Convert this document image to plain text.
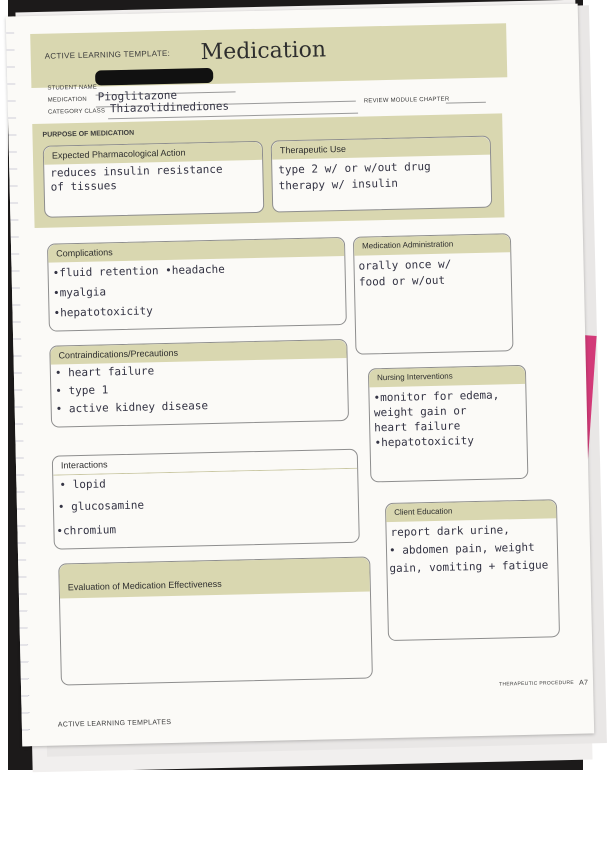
ACTIVE LEARNING TEMPLATE: Medication
STUDENT NAME
MEDICATION Pioglitazone
CATEGORY CLASS Thiazolidinediones	REVIEW MODULE CHAPTER
PURPOSE OF MEDICATION
Expected Pharmacological Action
reduces insulin resistance
of tissues
Therapeutic Use
type 2 w/ or w/out drug
therapy w/ insulin
Complications
•fluid retention •headache
•myalgia
•hepatotoxicity
Medication Administration
orally once w/
food or w/out
Contraindications/Precautions
• heart failure
• type 1
• active kidney disease
Nursing Interventions
•monitor for edema,
weight gain or
heart failure
•hepatotoxicity
Interactions
• lopid
• glucosamine
•chromium
Client Education
report dark urine,
• abdomen pain, weight
gain, vomiting + fatigue
Evaluation of Medication Effectiveness
ACTIVE LEARNING TEMPLATES
THERAPEUTIC PROCEDURE A7
